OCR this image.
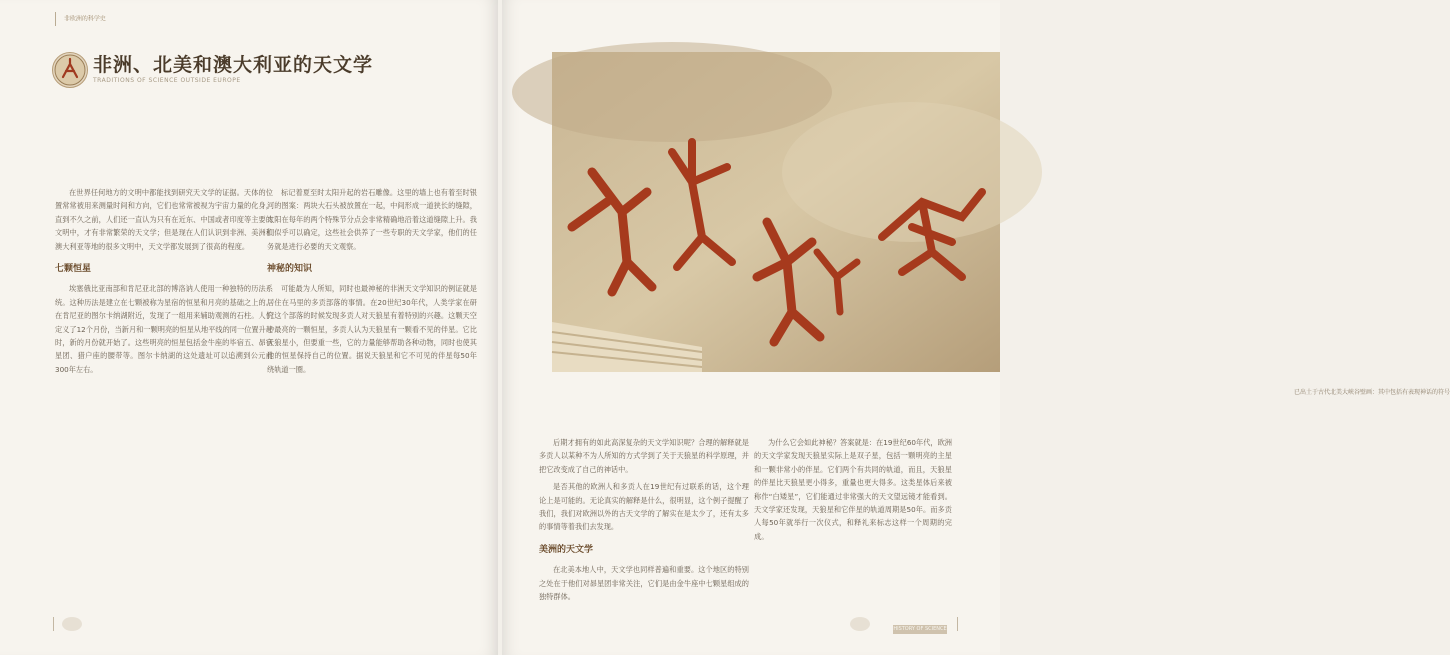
非欧洲的科学史
非洲、北美和澳大利亚的天文学
TRADITIONS OF SCIENCE OUTSIDE EUROPE

在世界任何地方的文明中都能找到研究天文学的证据。天体的位置常常被用来测量时间和方向，它们也常常被视为宇宙力量的化身，直到不久之前，人们还一直认为只有在近东、中国或者印度等主要的文明中，才有非常繁荣的天文学；但是现在人们认识到非洲、美洲和澳大利亚等地的很多文明中，天文学都发展到了很高的程度。

七颗恒星

埃塞俄比亚南部和肯尼亚北部的博洛讷人使用一种独特的历法系统。这种历法是建立在七颗被称为星宿的恒星和月亮的基础之上的。在肯尼亚的图尔卡纳湖附近，发现了一组用来辅助观测的石柱。人们定义了12个月份，当新月和一颗明亮的恒星从地平线的同一位置升起时，新的月份就开始了。这些明亮的恒星包括金牛座的毕宿五、昴宿星团、猎户座的腰带等。图尔卡纳湖的这处遗址可以追溯到公元前300年左右。

标记着夏至时太阳升起的岩石雕像。这里的墙上也有着至时银河的图案：两块大石头被放置在一起，中间形成一道狭长的缝隙，太阳在每年的两个特殊节分点会非常精确地沿着这道缝隙上升。我们似乎可以确定，这些社会供养了一些专职的天文学家，他们的任务就是进行必要的天文观察。

神秘的知识

可能最为人所知，同时也最神秘的非洲天文学知识的例证就是居住在马里的多贡部落的事情。在20世纪30年代，人类学家在研究这个部落的时候发现多贡人对天狼星有着特别的兴趣。这颗天空中最亮的一颗恒星，多贡人认为天狼星有一颗看不见的伴星。它比天狼星小，但要重一些，它的力量能够帮助各种动物，同时也使其他的恒星保持自己的位置。据说天狼星和它不可见的伴星每50年绕轨道一圈。

已出土于古代北美大峡谷壁画：其中包括有表现神话的符号

后期才拥有的如此高深复杂的天文学知识呢？合理的解释就是多贡人以某种不为人所知的方式学到了关于天狼星的科学原理，并把它改变成了自己的神话中。

是否其他的欧洲人和多贡人在19世纪有过联系的话，这个理论上是可能的。无论真实的解释是什么，很明显，这个例子提醒了我们，我们对欧洲以外的古天文学的了解实在是太少了，还有太多的事情等着我们去发现。

美洲的天文学

在北美本地人中，天文学也同样普遍和重要。这个地区的特别之处在于他们对昴星团非常关注，它们是由金牛座中七颗星组成的独特群体。

为什么它会如此神秘？答案就是：在19世纪60年代，欧洲的天文学家发现天狼星实际上是双子星，包括一颗明亮的主星和一颗非常小的伴星。它们两个有共同的轨道，而且，天狼星的伴星比天狼星更小得多，重量也更大得多。这类星体后来被称作“白矮星”，它们能通过非常强大的天文望远镜才能看到。天文学家还发现，天狼星和它伴星的轨道周期是50年。而多贡人每50年就举行一次仪式，和释礼来标志这样一个周期的完成。

HISTORY OF SCIENCE
